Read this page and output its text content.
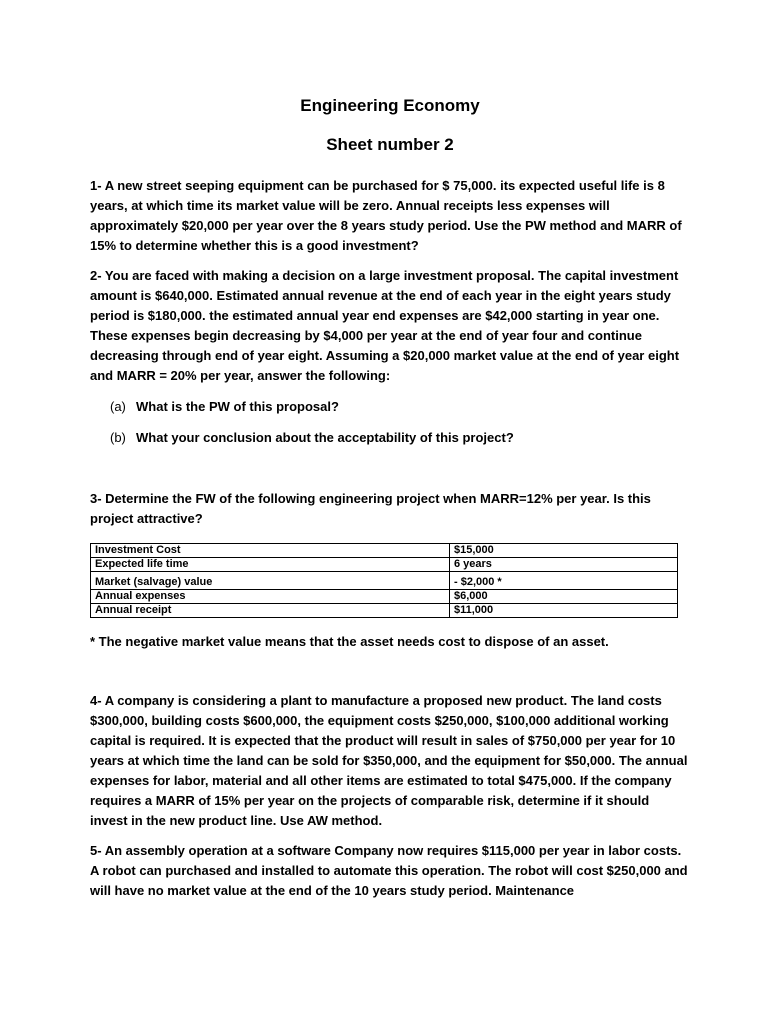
Engineering Economy
Sheet number 2

1- A new street seeping equipment can be purchased for $ 75,000. its expected useful life is 8 years, at which time its market value will be zero. Annual receipts less expenses will approximately $20,000 per year over the 8 years study period. Use the PW method and MARR of 15% to determine whether this is a good investment?

2- You are faced with making a decision on a large investment proposal. The capital investment amount is $640,000. Estimated annual revenue at the end of each year in the eight years study period is $180,000. the estimated annual year end expenses are $42,000 starting in year one. These expenses begin decreasing by $4,000 per year at the end of year four and continue decreasing through end of year eight. Assuming a $20,000 market value at the end of year eight and MARR = 20% per year, answer the following:

(a) What is the PW of this proposal?
(b) What your conclusion about the acceptability of this project?

3- Determine the FW of the following engineering project when MARR=12% per year. Is this project attractive?

Investment Cost	$15,000
Expected life time	6 years
Market (salvage) value	- $2,000 *
Annual expenses	$6,000
Annual receipt	$11,000

* The negative market value means that the asset needs cost to dispose of an asset.

4- A company is considering a plant to manufacture a proposed new product. The land costs $300,000, building costs $600,000, the equipment costs $250,000, $100,000 additional working capital is required. It is expected that the product will result in sales of $750,000 per year for 10 years at which time the land can be sold for $350,000, and the equipment for $50,000. The annual expenses for labor, material and all other items are estimated to total $475,000. If the company requires a MARR of 15% per year on the projects of comparable risk, determine if it should invest in the new product line. Use AW method.

5- An assembly operation at a software Company now requires $115,000 per year in labor costs. A robot can purchased and installed to automate this operation. The robot will cost $250,000 and will have no market value at the end of the 10 years study period. Maintenance
